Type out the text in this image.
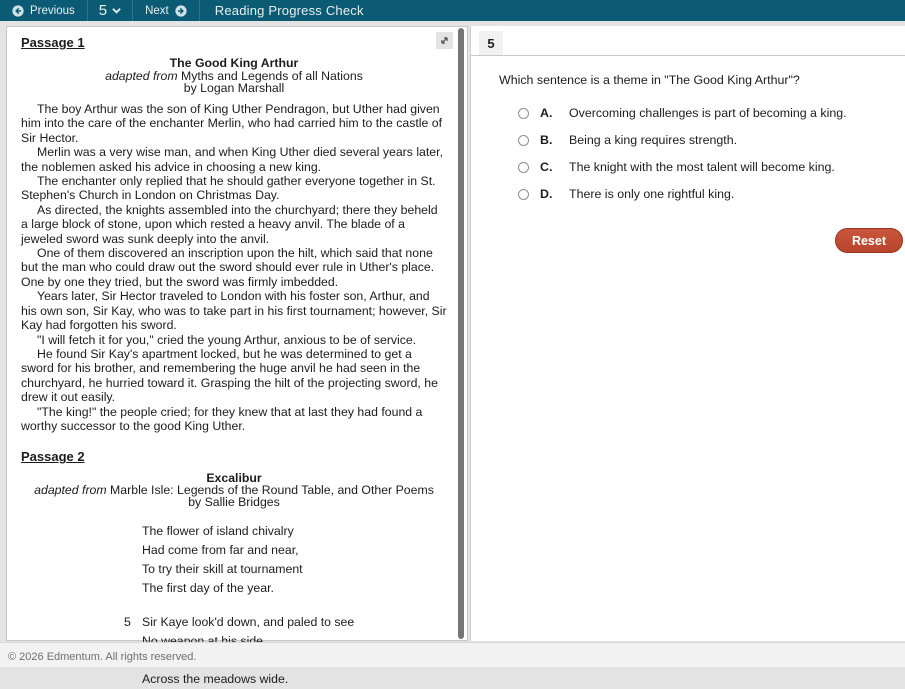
Previous 5	Next	Reading Progress Check
Passage 1
The Good King Arthur
adapted from Myths and Legends of all Nations
by Logan Marshall

The boy Arthur was the son of King Uther Pendragon, but Uther had given him into the care of the enchanter Merlin, who had carried him to the castle of Sir Hector.

Merlin was a very wise man, and when King Uther died several years later, the noblemen asked his advice in choosing a new king.

The enchanter only replied that he should gather everyone together in St. Stephen's Church in London on Christmas Day.

As directed, the knights assembled into the churchyard; there they beheld a large block of stone, upon which rested a heavy anvil. The blade of a jeweled sword was sunk deeply into the anvil.

One of them discovered an inscription upon the hilt, which said that none but the man who could draw out the sword should ever rule in Uther's place. One by one they tried, but the sword was firmly imbedded.

Years later, Sir Hector traveled to London with his foster son, Arthur, and his own son, Sir Kay, who was to take part in his first tournament; however, Sir Kay had forgotten his sword.

"I will fetch it for you," cried the young Arthur, anxious to be of service.

He found Sir Kay's apartment locked, but he was determined to get a sword for his brother, and remembering the huge anvil he had seen in the churchyard, he hurried toward it. Grasping the hilt of the projecting sword, he drew it out easily.

"The king!" the people cried; for they knew that at last they had found a worthy successor to the good King Uther.

Passage 2
Excalibur
adapted from Marble Isle: Legends of the Round Table, and Other Poems
by Sallie Bridges
The flower of island chivalry
Had come from far and near,
To try their skill at tournament
The first day of the year.
5 Sir Kaye look'd down, and paled to see
Across the meadows wide.
5
Which sentence is a theme in "The Good King Arthur"?
A.	Overcoming challenges is part of becoming a king.
B.	Being a king requires strength.
C.	The knight with the most talent will become king.
D.	There is only one rightful king.
Reset
© 2026 Edmentum. All rights reserved.
